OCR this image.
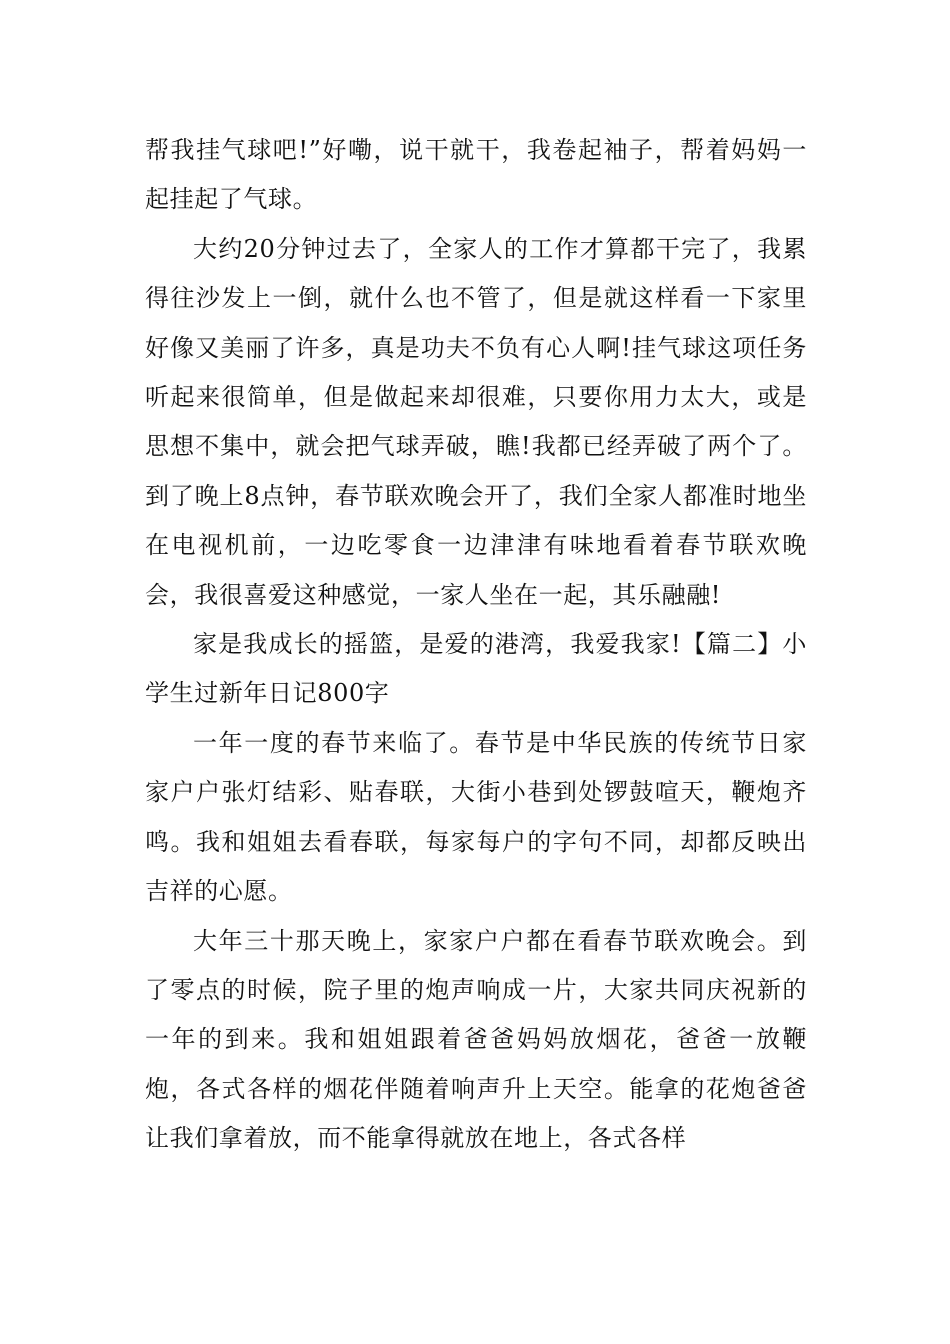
帮我挂气球吧!”好嘞，说干就干，我卷起袖子，帮着妈妈一起挂起了气球。

大约20分钟过去了，全家人的工作才算都干完了，我累得往沙发上一倒，就什么也不管了，但是就这样看一下家里好像又美丽了许多，真是功夫不负有心人啊!挂气球这项任务听起来很简单，但是做起来却很难，只要你用力太大，或是思想不集中，就会把气球弄破，瞧!我都已经弄破了两个了。到了晚上8点钟，春节联欢晚会开了，我们全家人都准时地坐在电视机前，一边吃零食一边津津有味地看着春节联欢晚会，我很喜爱这种感觉，一家人坐在一起，其乐融融!

家是我成长的摇篮，是爱的港湾，我爱我家!【篇二】小学生过新年日记800字

一年一度的春节来临了。春节是中华民族的传统节日家家户户张灯结彩、贴春联，大街小巷到处锣鼓喧天，鞭炮齐鸣。我和姐姐去看春联，每家每户的字句不同，却都反映出吉祥的心愿。

大年三十那天晚上，家家户户都在看春节联欢晚会。到了零点的时候，院子里的炮声响成一片，大家共同庆祝新的一年的到来。我和姐姐跟着爸爸妈妈放烟花，爸爸一放鞭炮，各式各样的烟花伴随着响声升上天空。能拿的花炮爸爸让我们拿着放，而不能拿得就放在地上，各式各样
